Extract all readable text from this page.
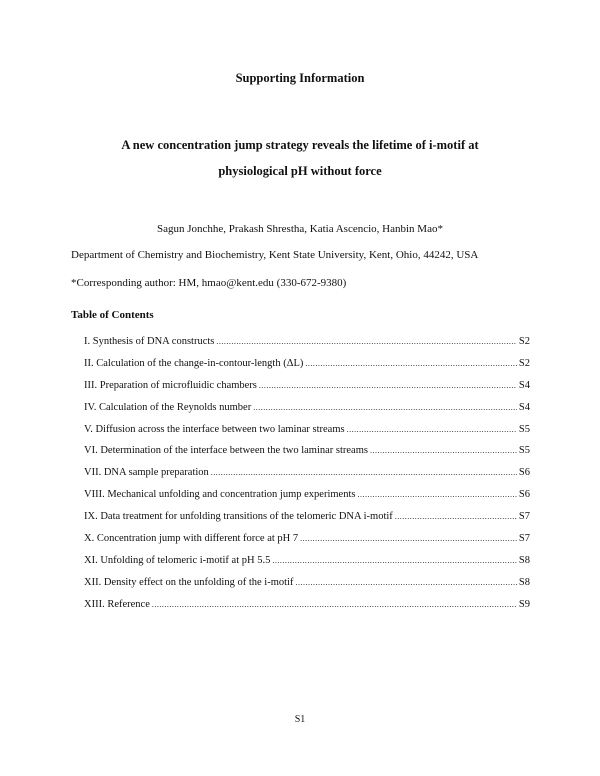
Supporting Information
A new concentration jump strategy reveals the lifetime of i-motif at
physiological pH without force
Sagun Jonchhe, Prakash Shrestha, Katia Ascencio, Hanbin Mao*
Department of Chemistry and Biochemistry, Kent State University, Kent, Ohio, 44242, USA
*Corresponding author: HM, hmao@kent.edu (330-672-9380)
Table of Contents
I. Synthesis of DNA constructs .....	S2
II. Calculation of the change-in-contour-length (ΔL) .....	S2
III. Preparation of microfluidic chambers .....	S4
IV. Calculation of the Reynolds number .....	S4
V. Diffusion across the interface between two laminar streams .....	S5
VI. Determination of the interface between the two laminar streams .....	S5
VII. DNA sample preparation .....	S6
VIII. Mechanical unfolding and concentration jump experiments .....	S6
IX. Data treatment for unfolding transitions of the telomeric DNA i-motif .....	S7
X. Concentration jump with different force at pH 7 .....	S7
XI. Unfolding of telomeric i-motif at pH 5.5 .....	S8
XII. Density effect on the unfolding of the i-motif .....	S8
XIII. Reference .....	S9
S1
